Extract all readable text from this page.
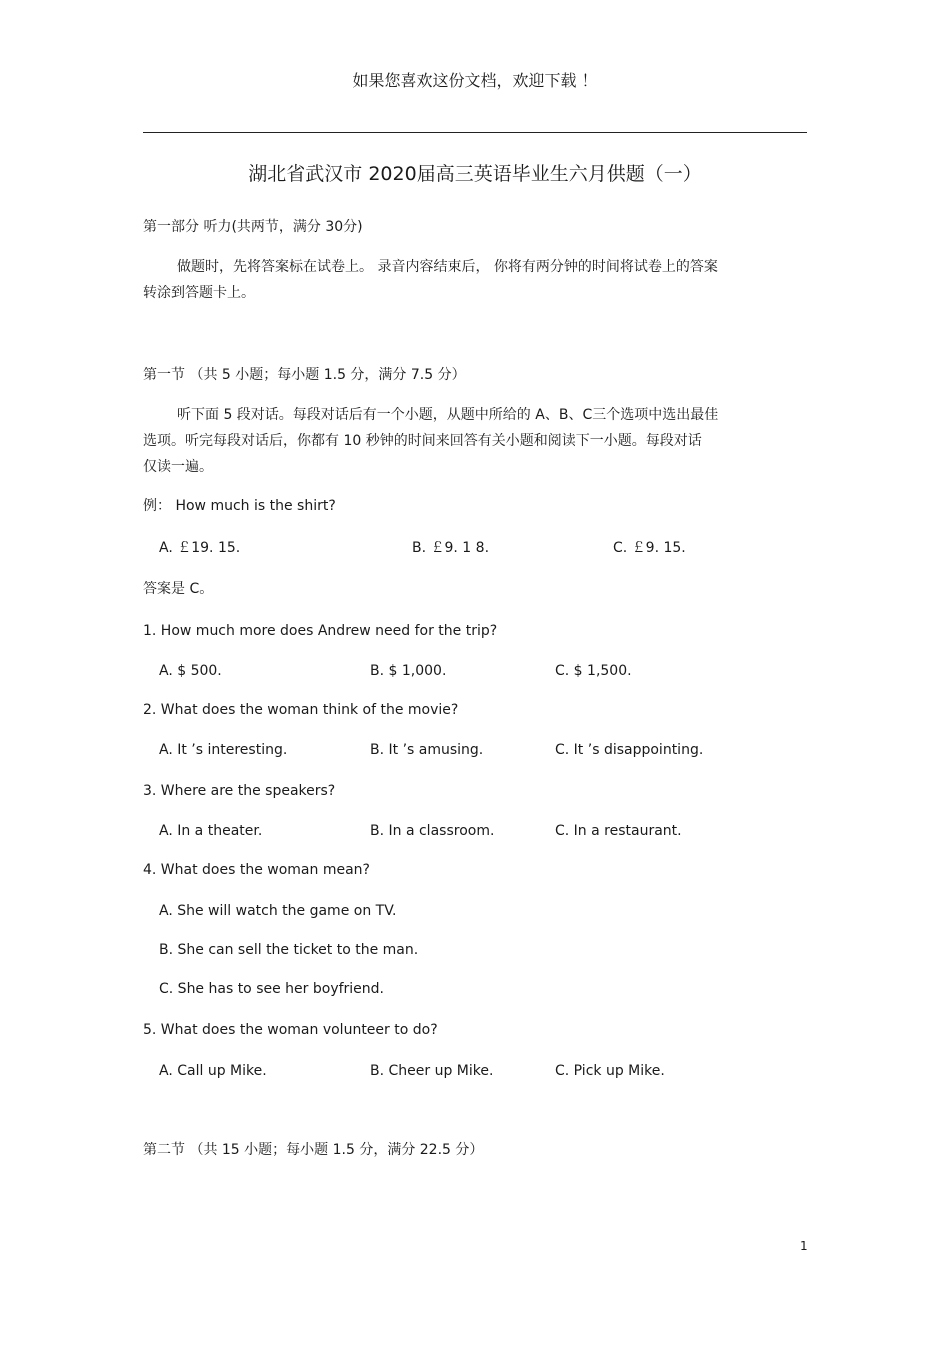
如果您喜欢这份文档，欢迎下载 ！
湖北省武汉市 2020届高三英语毕业生六月供题（一）
第一部分 听力(共两节，满分 30分)
做题时，先将答案标在试卷上。 录音内容结束后， 你将有两分钟的时间将试卷上的答案
转涂到答题卡上。
第一节 （共 5 小题；每小题 1.5 分，满分 7.5 分）
听下面 5 段对话。每段对话后有一个小题，从题中所给的 A、B、C三个选项中选出最佳
选项。听完每段对话后，你都有 10 秒钟的时间来回答有关小题和阅读下一小题。每段对话
仅读一遍。
例： How much is the shirt?
A. ￡19. 15.	B. ￡9. 1 8.	C. ￡9. 15.
答案是 C。
1. How much more does Andrew need for the trip?
A. $ 500.	B. $ 1,000.	C. $ 1,500.
2. What does the woman think of the movie?
A. It ’s interesting.	B. It ’s amusing.	C. It ’s disappointing.
3. Where are the speakers?
A. In a theater.	B. In a classroom.	C. In a restaurant.
4. What does the woman mean?
A. She will watch the game on TV.
B. She can sell the ticket to the man.
C. She has to see her boyfriend.
5. What does the woman volunteer to do?
A. Call up Mike.	B. Cheer up Mike.	C. Pick up Mike.
第二节 （共 15 小题；每小题 1.5 分，满分 22.5 分）
1
